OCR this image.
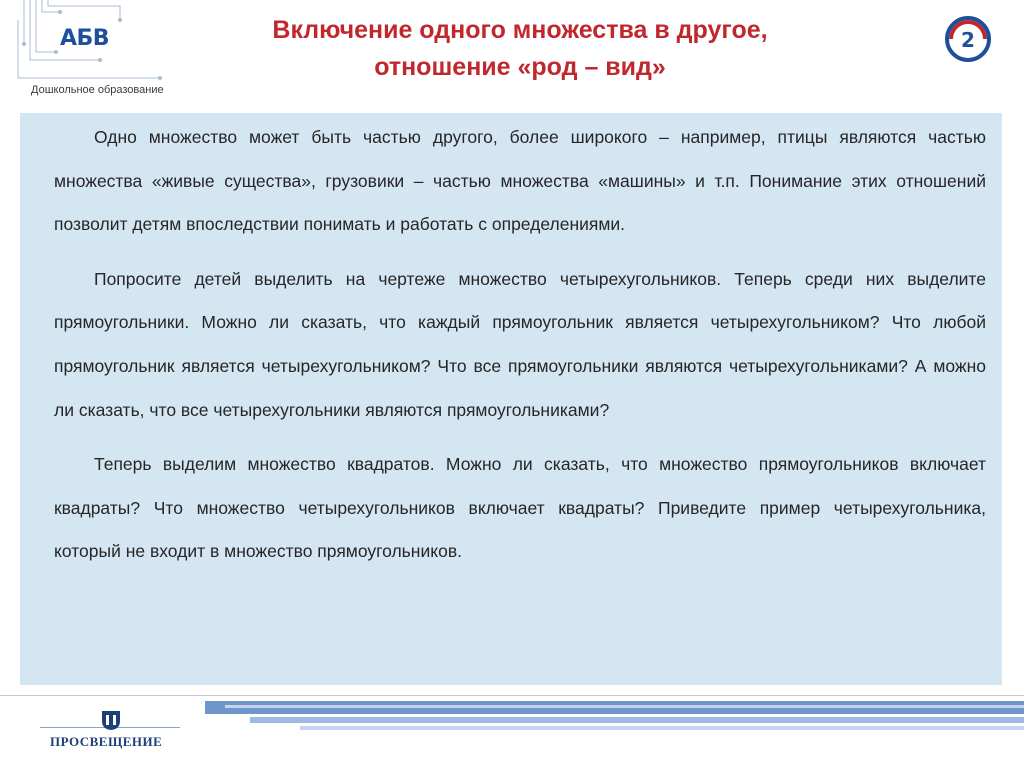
АБВ
Дошкольное образование
Включение одного множества в другое,
отношение «род – вид»
2

Одно множество может быть частью другого, более широкого – например, птицы являются частью множества «живые существа», грузовики – частью множества «машины» и т.п. Понимание этих отношений позволит детям впоследствии понимать и работать с определениями.

Попросите детей выделить на чертеже множество четырехугольников. Теперь среди них выделите прямоугольники. Можно ли сказать, что каждый прямоугольник является четырехугольником? Что любой прямоугольник является четырехугольником? Что все прямоугольники являются четырехугольниками? А можно ли сказать, что все четырехугольники являются прямоугольниками?

Теперь выделим множество квадратов. Можно ли сказать, что множество прямоугольников включает квадраты? Что множество четырехугольников включает квадраты? Приведите пример четырехугольника, который не входит в множество прямоугольников.

ПРОСВЕЩЕНИЕ
